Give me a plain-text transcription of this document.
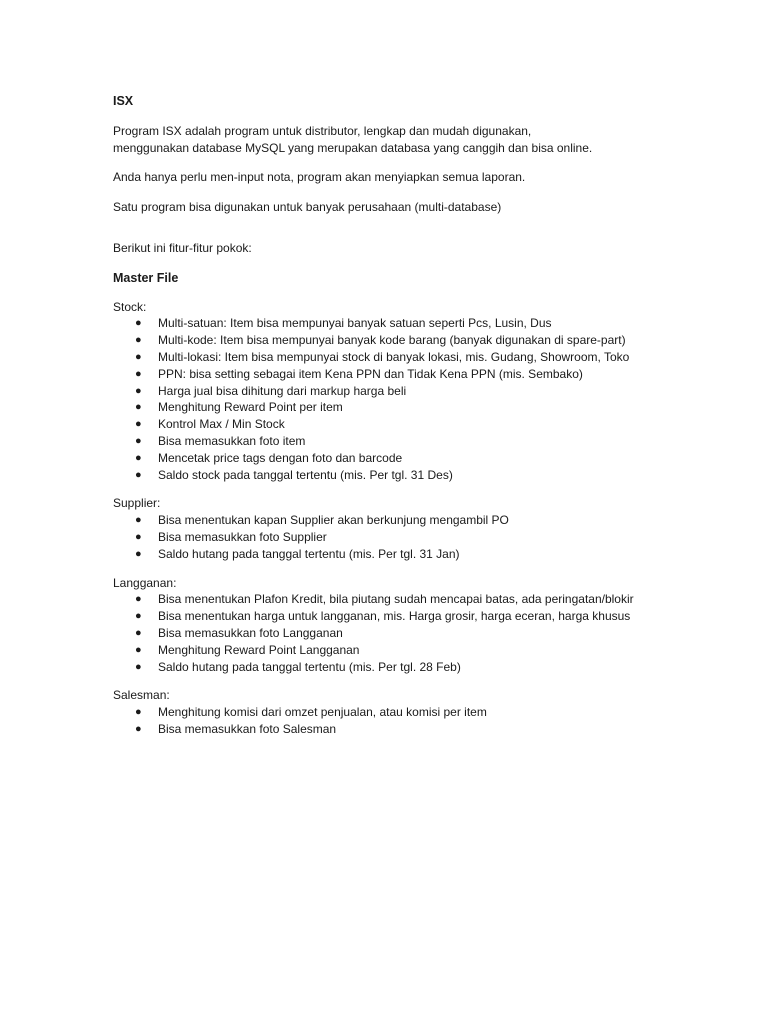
ISX
Program ISX adalah program untuk distributor, lengkap dan mudah digunakan,
menggunakan database MySQL yang merupakan databasa yang canggih dan bisa online.
Anda hanya perlu men-input nota, program akan menyiapkan semua laporan.
Satu program bisa digunakan untuk banyak perusahaan (multi-database)
Berikut ini fitur-fitur pokok:
Master File
Stock:
● Multi-satuan: Item bisa mempunyai banyak satuan seperti Pcs, Lusin, Dus
● Multi-kode: Item bisa mempunyai banyak kode barang (banyak digunakan di spare-part)
● Multi-lokasi: Item bisa mempunyai stock di banyak lokasi, mis. Gudang, Showroom, Toko
● PPN: bisa setting sebagai item Kena PPN dan Tidak Kena PPN (mis. Sembako)
● Harga jual bisa dihitung dari markup harga beli
● Menghitung Reward Point per item
● Kontrol Max / Min Stock
● Bisa memasukkan foto item
● Mencetak price tags dengan foto dan barcode
● Saldo stock pada tanggal tertentu (mis. Per tgl. 31 Des)
Supplier:
● Bisa menentukan kapan Supplier akan berkunjung mengambil PO
● Bisa memasukkan foto Supplier
● Saldo hutang pada tanggal tertentu (mis. Per tgl. 31 Jan)
Langganan:
● Bisa menentukan Plafon Kredit, bila piutang sudah mencapai batas, ada peringatan/blokir
● Bisa menentukan harga untuk langganan, mis. Harga grosir, harga eceran, harga khusus
● Bisa memasukkan foto Langganan
● Menghitung Reward Point Langganan
● Saldo hutang pada tanggal tertentu (mis. Per tgl. 28 Feb)
Salesman:
● Menghitung komisi dari omzet penjualan, atau komisi per item
● Bisa memasukkan foto Salesman
